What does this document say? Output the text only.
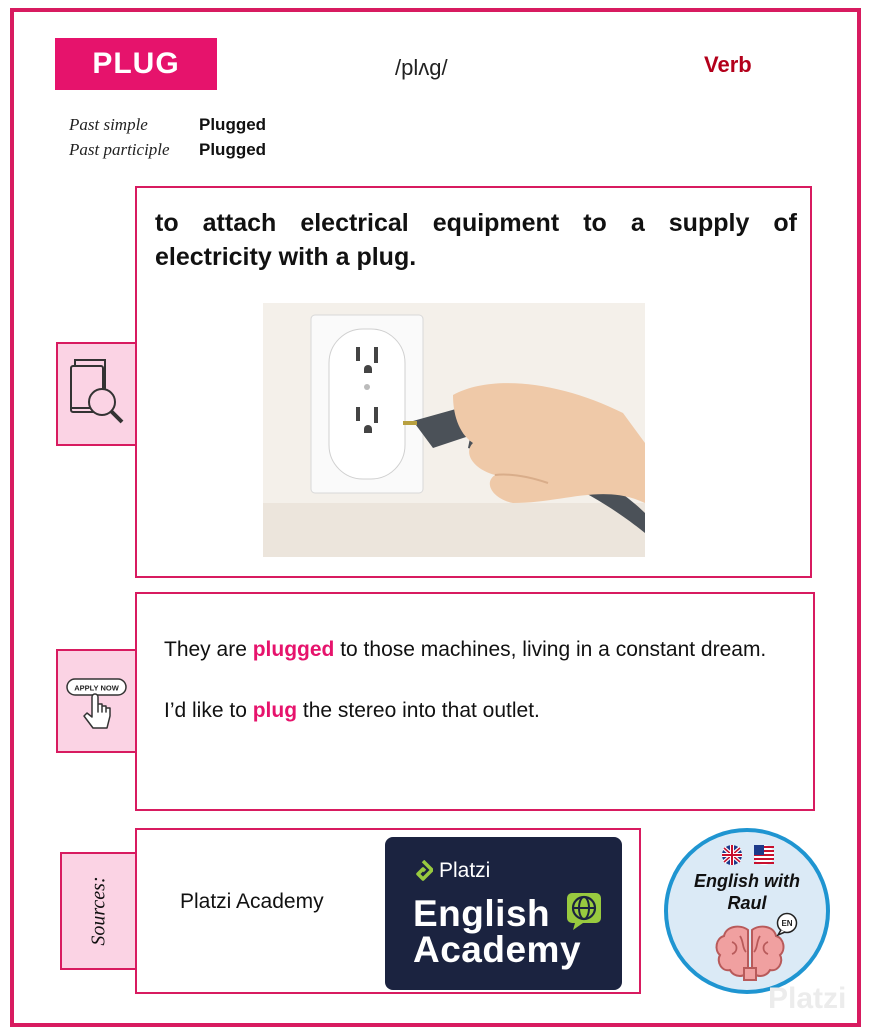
PLUG	/plʌg/	Verb
Past simple	Plugged
Past participle	Plugged
to attach electrical equipment to a supply of electricity with a plug.
APPLY NOW

They are plugged to those machines, living in a constant dream.

I’d like to plug the stereo into that outlet.

Sources:	Platzi Academy
Platzi
English
Academy
English with
Raul
EN
Platzi
